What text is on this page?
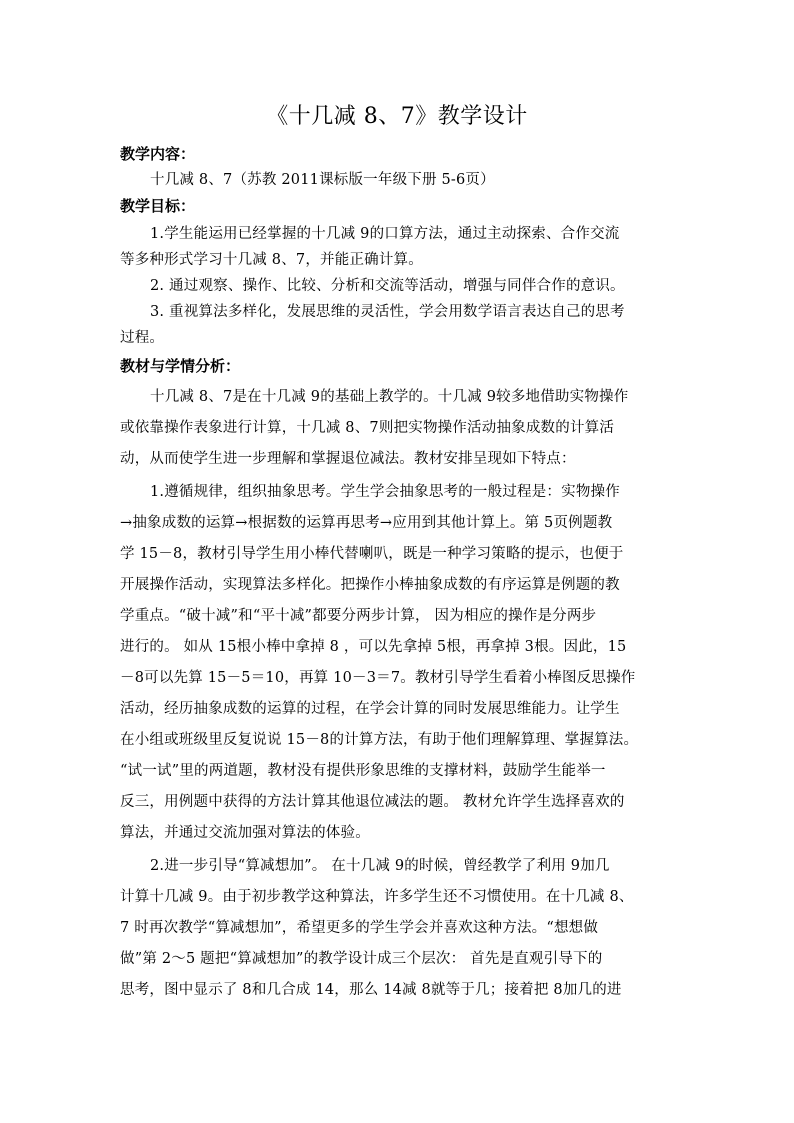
《十几减 8、7》教学设计
教学内容：
十几减 8、7（苏教 2011课标版一年级下册 5-6页）
教学目标：
1.学生能运用已经掌握的十几减 9的口算方法，通过主动探索、合作交流
等多种形式学习十几减 8、7，并能正确计算。
2. 通过观察、操作、比较、分析和交流等活动，增强与同伴合作的意识。
3. 重视算法多样化，发展思维的灵活性，学会用数学语言表达自己的思考
过程。
教材与学情分析：
十几减 8、7是在十几减 9的基础上教学的。十几减 9较多地借助实物操作
或依靠操作表象进行计算，十几减 8、7则把实物操作活动抽象成数的计算活
动，从而使学生进一步理解和掌握退位减法。教材安排呈现如下特点：
1.遵循规律，组织抽象思考。学生学会抽象思考的一般过程是：实物操作
→抽象成数的运算→根据数的运算再思考→应用到其他计算上。第 5页例题教
学 15－8，教材引导学生用小棒代替喇叭，既是一种学习策略的提示，也便于
开展操作活动，实现算法多样化。把操作小棒抽象成数的有序运算是例题的教
学重点。“破十减”和“平十减”都要分两步计算， 因为相应的操作是分两步
进行的。 如从 15根小棒中拿掉 8 ，可以先拿掉 5根，再拿掉 3根。因此，15
－8可以先算 15－5＝10，再算 10－3＝7。教材引导学生看着小棒图反思操作
活动，经历抽象成数的运算的过程，在学会计算的同时发展思维能力。让学生
在小组或班级里反复说说 15－8的计算方法，有助于他们理解算理、掌握算法。
“试一试”里的两道题，教材没有提供形象思维的支撑材料，鼓励学生能举一
反三，用例题中获得的方法计算其他退位减法的题。 教材允许学生选择喜欢的
算法，并通过交流加强对算法的体验。
2.进一步引导“算减想加”。 在十几减 9的时候，曾经教学了利用 9加几
计算十几减 9。由于初步教学这种算法，许多学生还不习惯使用。在十几减 8、
7 时再次教学“算减想加”，希望更多的学生学会并喜欢这种方法。“想想做
做”第 2～5 题把“算减想加”的教学设计成三个层次： 首先是直观引导下的
思考，图中显示了 8和几合成 14，那么 14减 8就等于几；接着把 8加几的进
